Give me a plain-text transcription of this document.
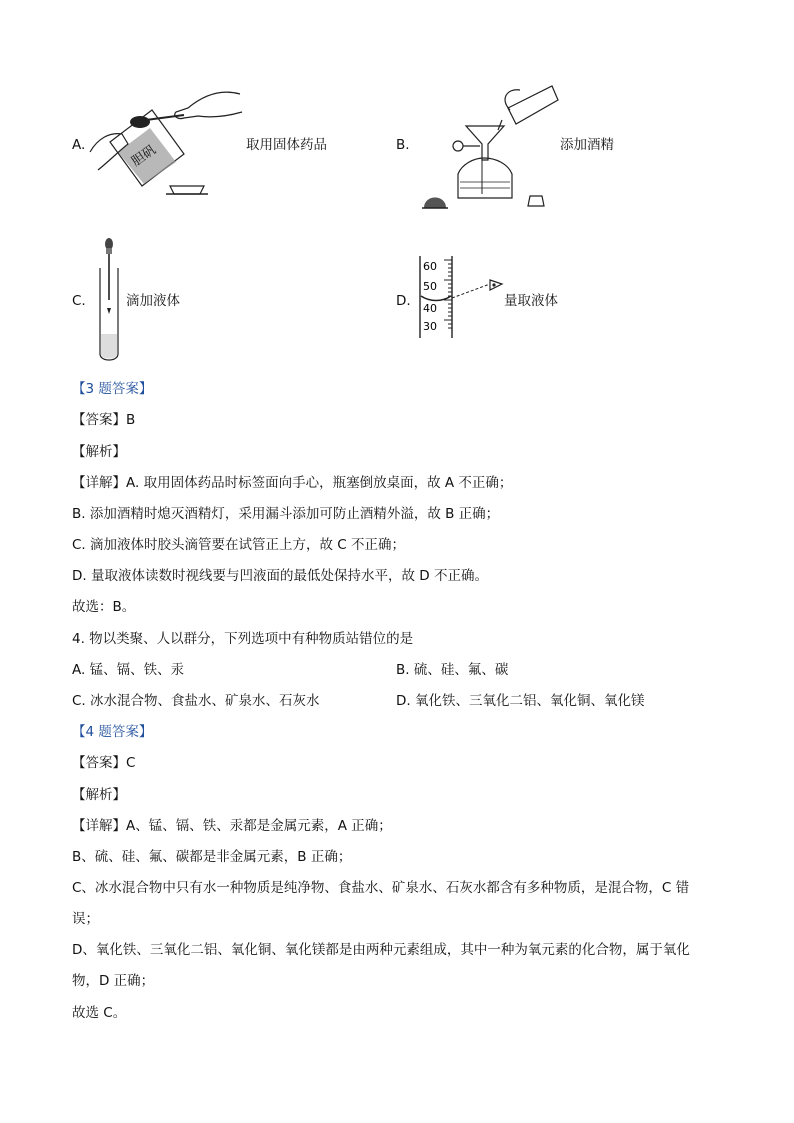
A.	胆矾	取用固体药品	B.	添加酒精
C.	滴加液体	D.
60
50
40
30
量取液体
【3 题答案】
【答案】B
【解析】
【详解】A. 取用固体药品时标签面向手心，瓶塞倒放桌面，故 A 不正确；
B. 添加酒精时熄灭酒精灯，采用漏斗添加可防止酒精外溢，故 B 正确；
C. 滴加液体时胶头滴管要在试管正上方，故 C 不正确；
D. 量取液体读数时视线要与凹液面的最低处保持水平，故 D 不正确。
故选：B。
4. 物以类聚、人以群分，下列选项中有种物质站错位的是
A. 锰、镉、铁、汞	B. 硫、硅、氟、碳
C. 冰水混合物、食盐水、矿泉水、石灰水	D. 氧化铁、三氧化二铝、氧化铜、氧化镁
【4 题答案】
【答案】C
【解析】
【详解】A、锰、镉、铁、汞都是金属元素，A 正确；
B、硫、硅、氟、碳都是非金属元素，B 正确；
C、冰水混合物中只有水一种物质是纯净物、食盐水、矿泉水、石灰水都含有多种物质，是混合物，C 错
误；
D、氧化铁、三氧化二铝、氧化铜、氧化镁都是由两种元素组成，其中一种为氧元素的化合物，属于氧化
物，D 正确；
故选 C。
